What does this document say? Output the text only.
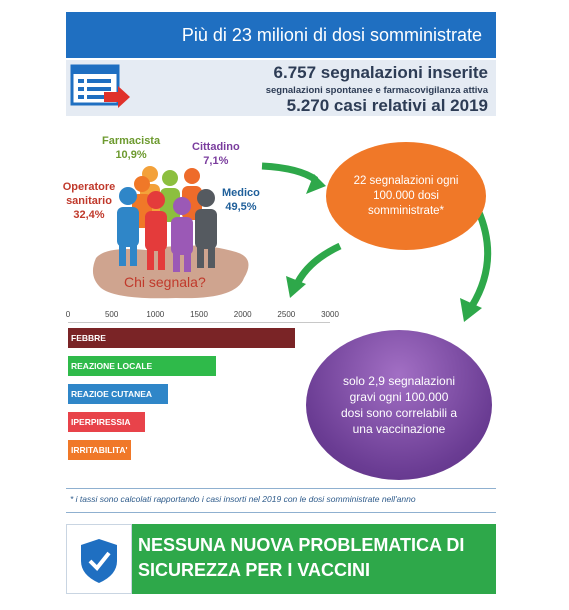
Più di 23 milioni di dosi somministrate
6.757 segnalazioni inserite
segnalazioni spontanee e farmacovigilanza attiva
5.270 casi relativi al 2019
Farmacista
10,9%
Cittadino
7,1%
Operatore sanitario
32,4%
Medico
49,5%
Chi segnala?
22 segnalazioni ogni 100.000 dosi somministrate*
solo 2,9 segnalazioni gravi ogni 100.000 dosi sono correlabili a una vaccinazione
* i tassi sono calcolati rapportando i casi insorti nel 2019 con le dosi somministrate nell'anno
NESSUNA NUOVA PROBLEMATICA DI SICUREZZA PER I VACCINI
0	500	1000	1500	2000	2500	3000
FEBBRE
REAZIONE LOCALE
REAZIOE CUTANEA
IPERPIRESSIA
IRRITABILITA'
